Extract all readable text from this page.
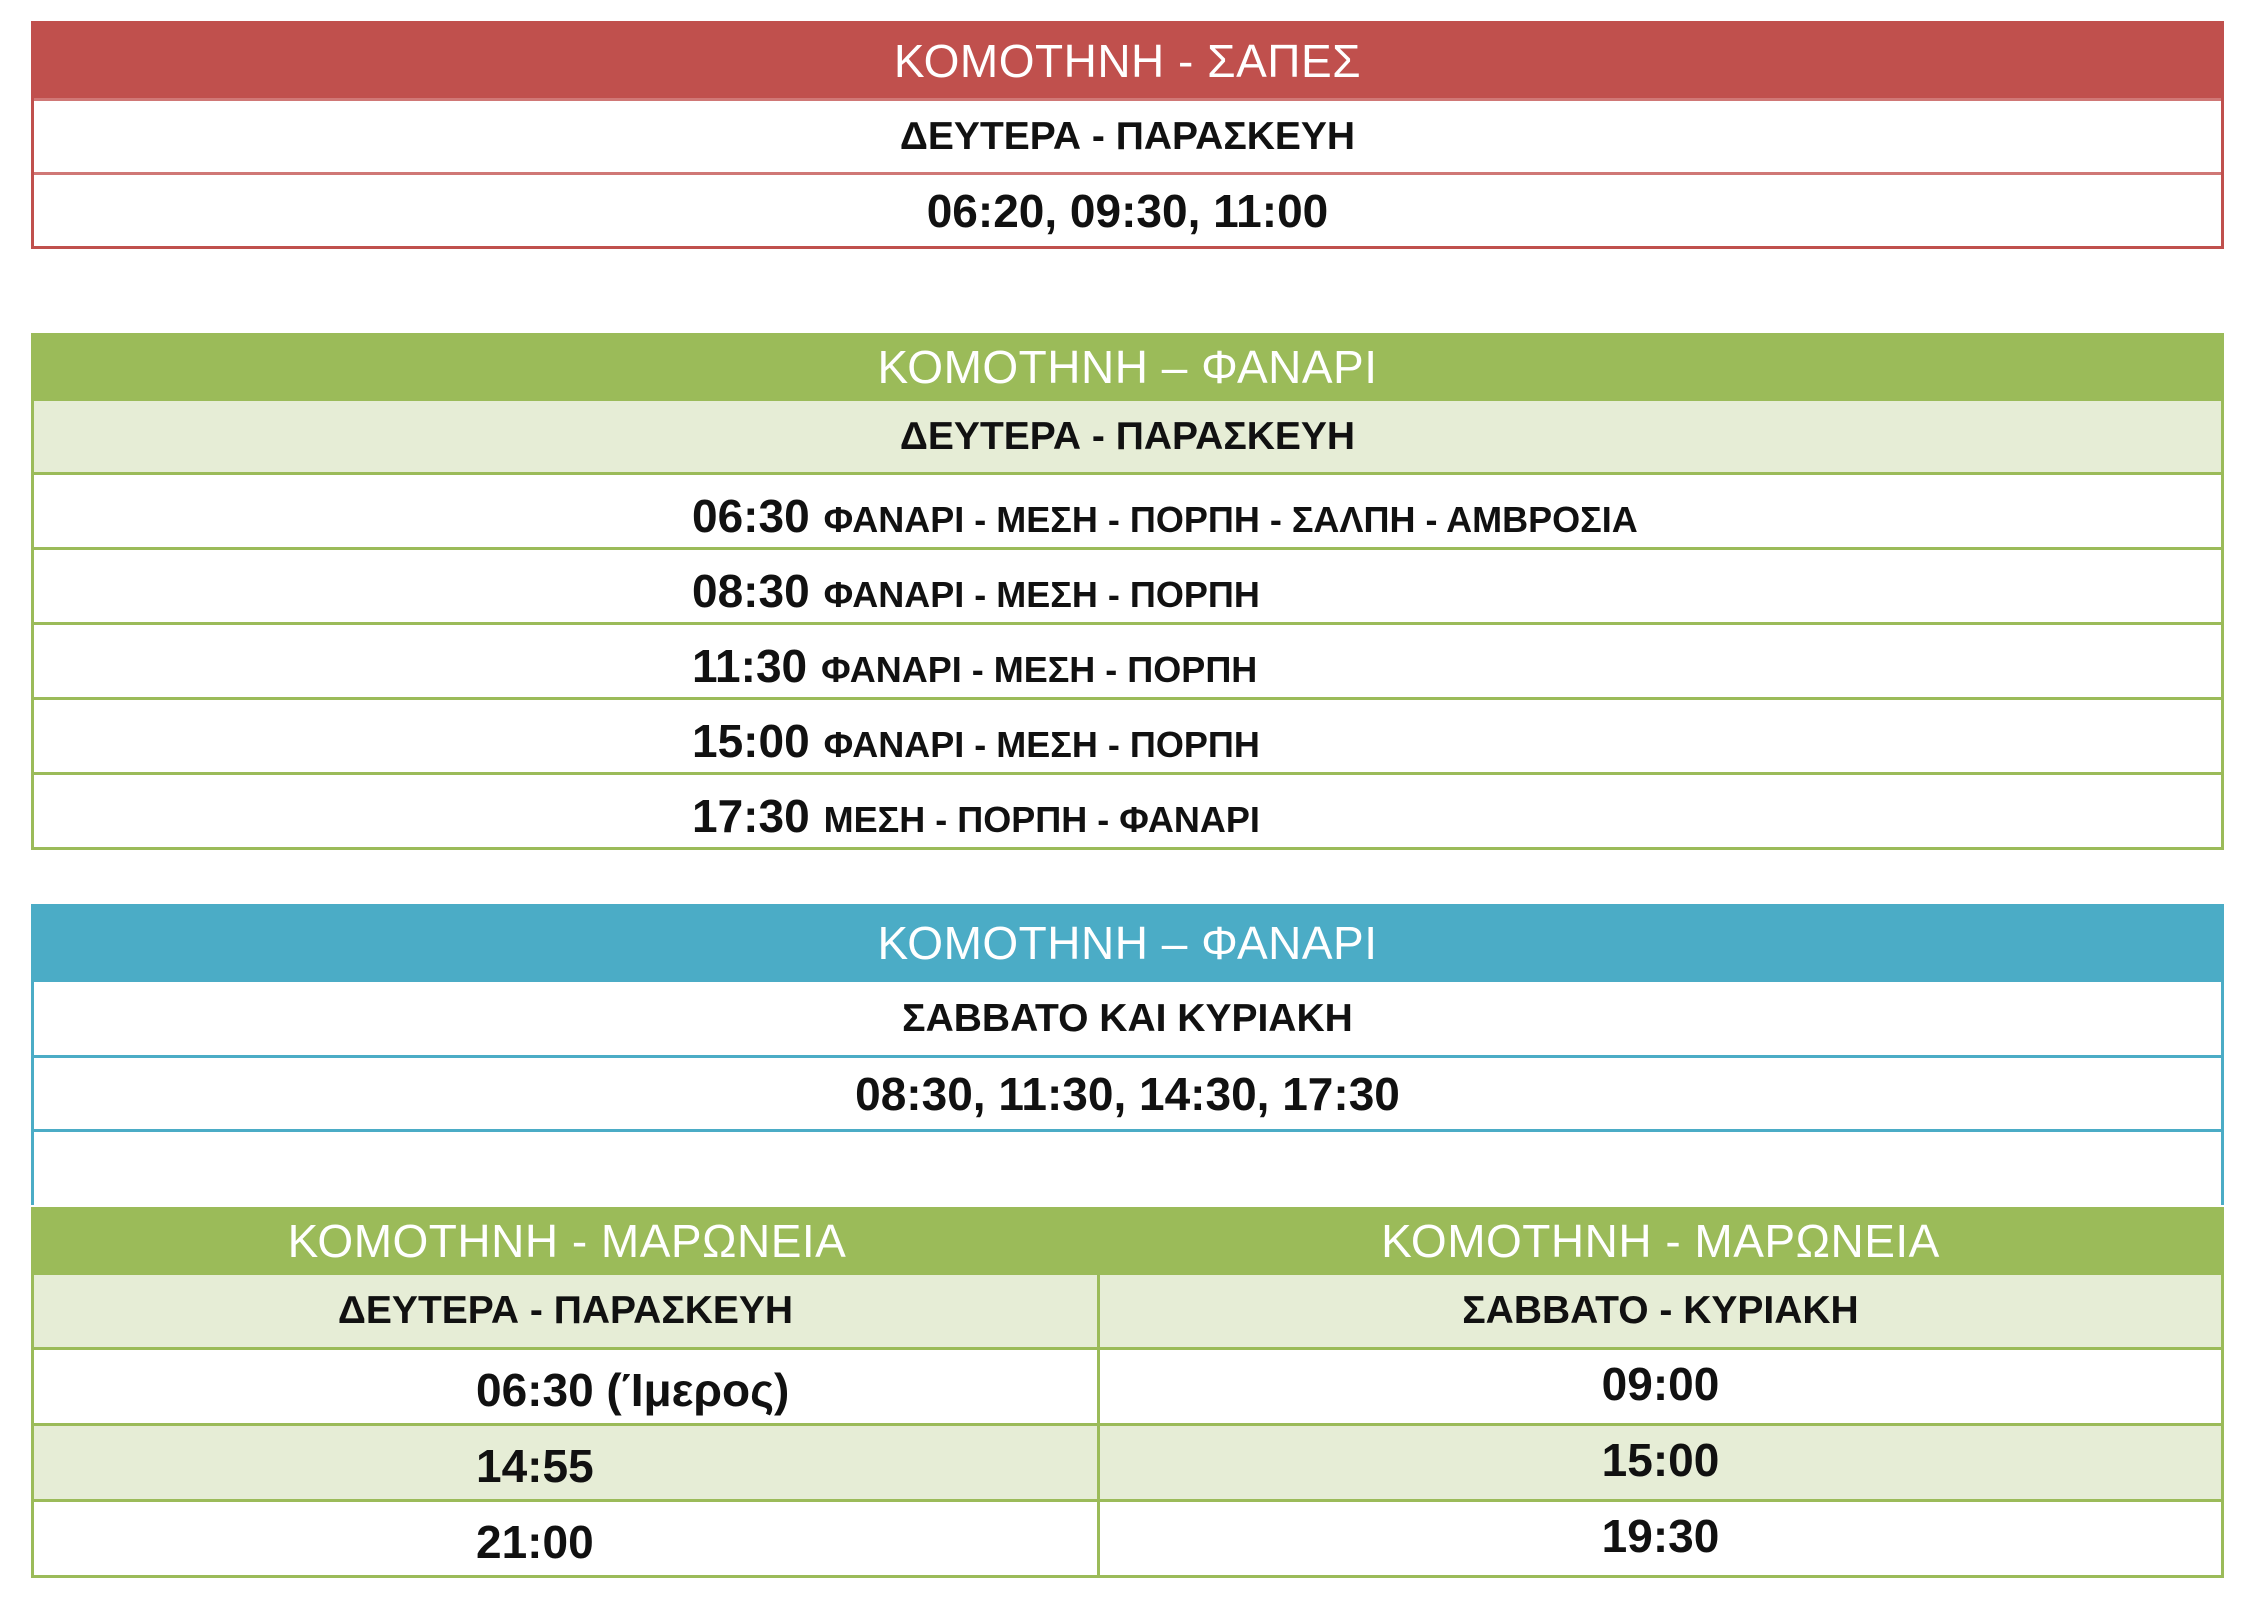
ΚΟΜΟΤΗΝΗ - ΣΑΠΕΣ
ΔΕΥΤΕΡΑ - ΠΑΡΑΣΚΕΥΗ
06:20, 09:30, 11:00
ΚΟΜΟΤΗΝΗ – ΦΑΝΑΡΙ
ΔΕΥΤΕΡΑ - ΠΑΡΑΣΚΕΥΗ
06:30 ΦΑΝΑΡΙ - ΜΕΣΗ - ΠΟΡΠΗ - ΣΑΛΠΗ - ΑΜΒΡΟΣΙΑ
08:30 ΦΑΝΑΡΙ - ΜΕΣΗ - ΠΟΡΠΗ
11:30 ΦΑΝΑΡΙ - ΜΕΣΗ - ΠΟΡΠΗ
15:00 ΦΑΝΑΡΙ - ΜΕΣΗ - ΠΟΡΠΗ
17:30 ΜΕΣΗ - ΠΟΡΠΗ - ΦΑΝΑΡΙ
ΚΟΜΟΤΗΝΗ – ΦΑΝΑΡΙ
ΣΑΒΒΑΤΟ ΚΑΙ ΚΥΡΙΑΚΗ
08:30, 11:30, 14:30, 17:30
ΚΟΜΟΤΗΝΗ - ΜΑΡΩΝΕΙΑ	ΚΟΜΟΤΗΝΗ - ΜΑΡΩΝΕΙΑ
ΔΕΥΤΕΡΑ - ΠΑΡΑΣΚΕΥΗ	ΣΑΒΒΑΤΟ - ΚΥΡΙΑΚΗ
06:30 (Ίμερος)	09:00
14:55	15:00
21:00	19:30
